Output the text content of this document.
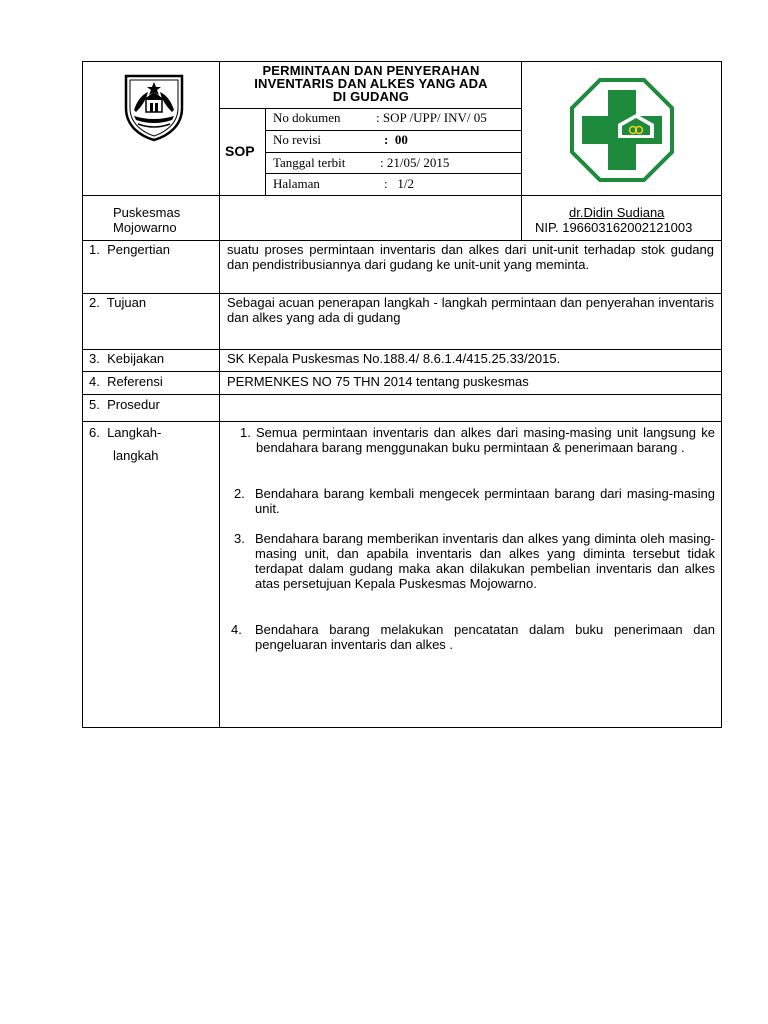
PERMINTAAN DAN PENYERAHAN
INVENTARIS DAN ALKES YANG ADA
DI GUDANG
SOP
No dokumen	: SOP /UPP/ INV/ 05
No revisi	:  00
Tanggal terbit	: 21/05/ 2015
Halaman	:   1/2
Puskesmas
Mojowarno
dr.Didin Sudiana
NIP. 196603162002121003
1.  Pengertian	suatu proses permintaan inventaris dan alkes dari unit-unit terhadap stok gudang dan pendistribusiannya dari gudang ke unit-unit yang meminta.
2.  Tujuan	Sebagai acuan penerapan langkah - langkah permintaan dan penyerahan inventaris dan alkes yang ada di gudang
3.  Kebijakan	SK Kepala Puskesmas No.188.4/ 8.6.1.4/415.25.33/2015.
4.  Referensi	PERMENKES NO 75 THN 2014 tentang puskesmas
5.  Prosedur
6.  Langkah-
langkah
1. Semua permintaan inventaris dan alkes dari masing-masing unit langsung ke bendahara barang menggunakan buku permintaan & penerimaan barang .
2. Bendahara barang kembali mengecek permintaan barang dari masing-masing unit.
3. Bendahara barang memberikan inventaris dan alkes yang diminta oleh masing-masing unit, dan apabila inventaris dan alkes yang diminta tersebut tidak terdapat dalam gudang maka akan dilakukan pembelian inventaris dan alkes atas persetujuan Kepala Puskesmas Mojowarno.
4.	Bendahara barang melakukan pencatatan dalam buku penerimaan dan pengeluaran inventaris dan alkes .
